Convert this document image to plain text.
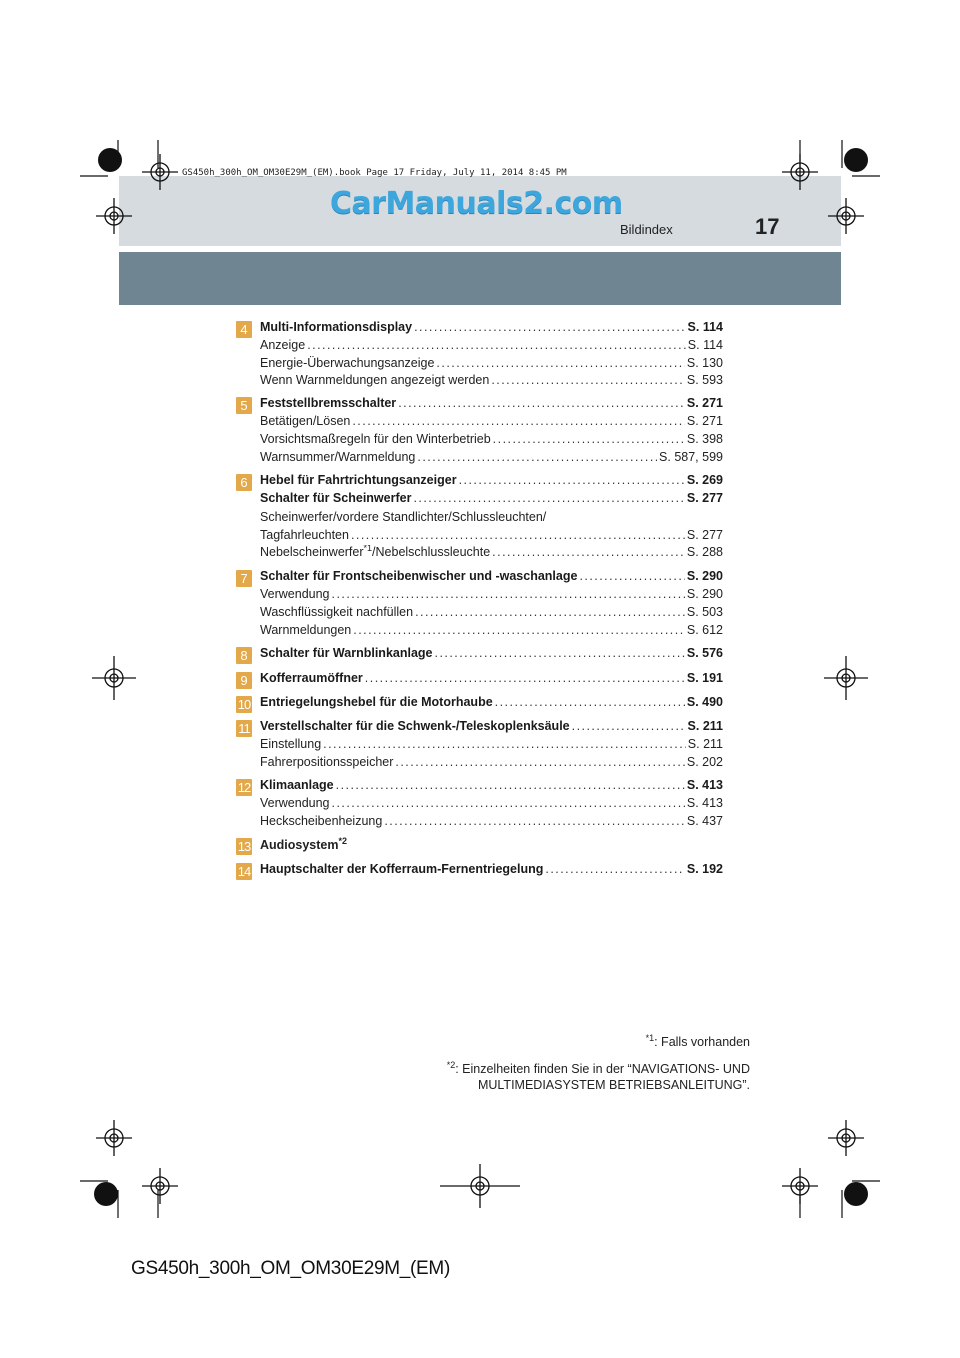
GS450h_300h_OM_OM30E29M_(EM).book Page 17 Friday, July 11, 2014 8:45 PM
CarManuals2.com
Bildindex	17
4 Multi-Informationsdisplay . . .	S. 114
Anzeige . . .	S. 114
Energie-Überwachungsanzeige . . .	S. 130
Wenn Warnmeldungen angezeigt werden . . .	S. 593
5 Feststellbremsschalter . . .	S. 271
Betätigen/Lösen . . .	S. 271
Vorsichtsmaßregeln für den Winterbetrieb . . .	S. 398
Warnsummer/Warnmeldung . . .	S. 587, 599
6 Hebel für Fahrtrichtungsanzeiger . . .	S. 269
Schalter für Scheinwerfer . . .	S. 277
Scheinwerfer/vordere Standlichter/Schlussleuchten/
Tagfahrleuchten . . .	S. 277
Nebelscheinwerfer$^{*1}$/Nebelschlussleuchte . . .	S. 288
7 Schalter für Frontscheibenwischer und -waschanlage . . .	S. 290
Verwendung . . .	S. 290
Waschflüssigkeit nachfüllen . . .	S. 503
Warnmeldungen . . .	S. 612
8 Schalter für Warnblinkanlage . . .	S. 576
9 Kofferraumöffner . . .	S. 191
10 Entriegelungshebel für die Motorhaube . . .	S. 490
11 Verstellschalter für die Schwenk-/Teleskoplenksäule . . .	S. 211
Einstellung . . .	S. 211
Fahrerpositionsspeicher . . .	S. 202
12 Klimaanlage . . .	S. 413
Verwendung . . .	S. 413
Heckscheibenheizung . . .	S. 437
13 Audiosystem$^{*2}$
14 Hauptschalter der Kofferraum-Fernentriegelung . . .	S. 192
$^{*1}$: Falls vorhanden
$^{*2}$: Einzelheiten finden Sie in der “NAVIGATIONS- UND
MULTIMEDIASYSTEM BETRIEBSANLEITUNG”.
GS450h_300h_OM_OM30E29M_(EM)
